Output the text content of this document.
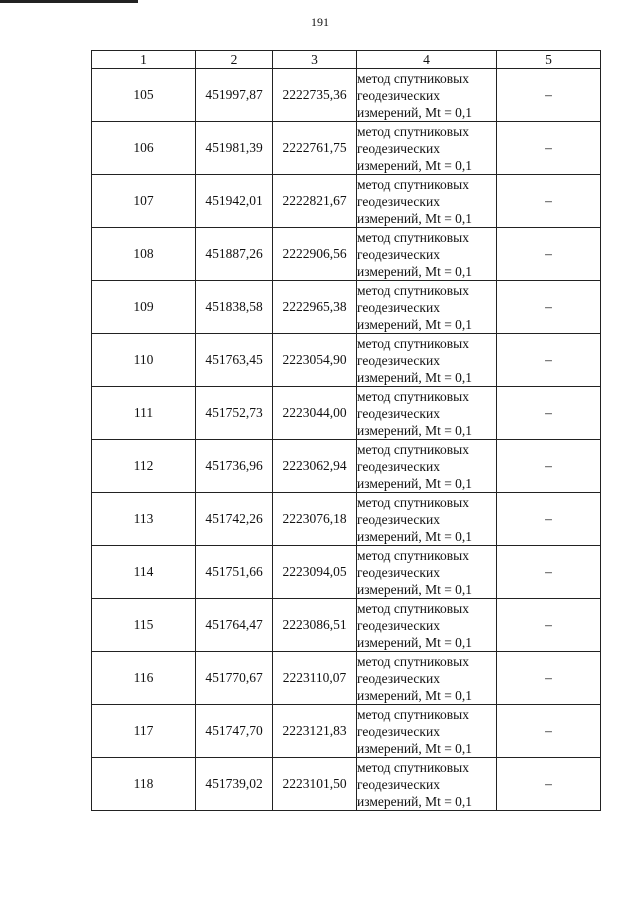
191
1	2	3	4	5
105	451997,87	2222735,36	метод спутниковых
геодезических
измерений, Mt = 0,1	–
106	451981,39	2222761,75	метод спутниковых
геодезических
измерений, Mt = 0,1	–
107	451942,01	2222821,67	метод спутниковых
геодезических
измерений, Mt = 0,1	–
108	451887,26	2222906,56	метод спутниковых
геодезических
измерений, Mt = 0,1	–
109	451838,58	2222965,38	метод спутниковых
геодезических
измерений, Mt = 0,1	–
110	451763,45	2223054,90	метод спутниковых
геодезических
измерений, Mt = 0,1	–
111	451752,73	2223044,00	метод спутниковых
геодезических
измерений, Mt = 0,1	–
112	451736,96	2223062,94	метод спутниковых
геодезических
измерений, Mt = 0,1	–
113	451742,26	2223076,18	метод спутниковых
геодезических
измерений, Mt = 0,1	–
114	451751,66	2223094,05	метод спутниковых
геодезических
измерений, Mt = 0,1	–
115	451764,47	2223086,51	метод спутниковых
геодезических
измерений, Mt = 0,1	–
116	451770,67	2223110,07	метод спутниковых
геодезических
измерений, Mt = 0,1	–
117	451747,70	2223121,83	метод спутниковых
геодезических
измерений, Mt = 0,1	–
118	451739,02	2223101,50	метод спутниковых
геодезических
измерений, Mt = 0,1	–
